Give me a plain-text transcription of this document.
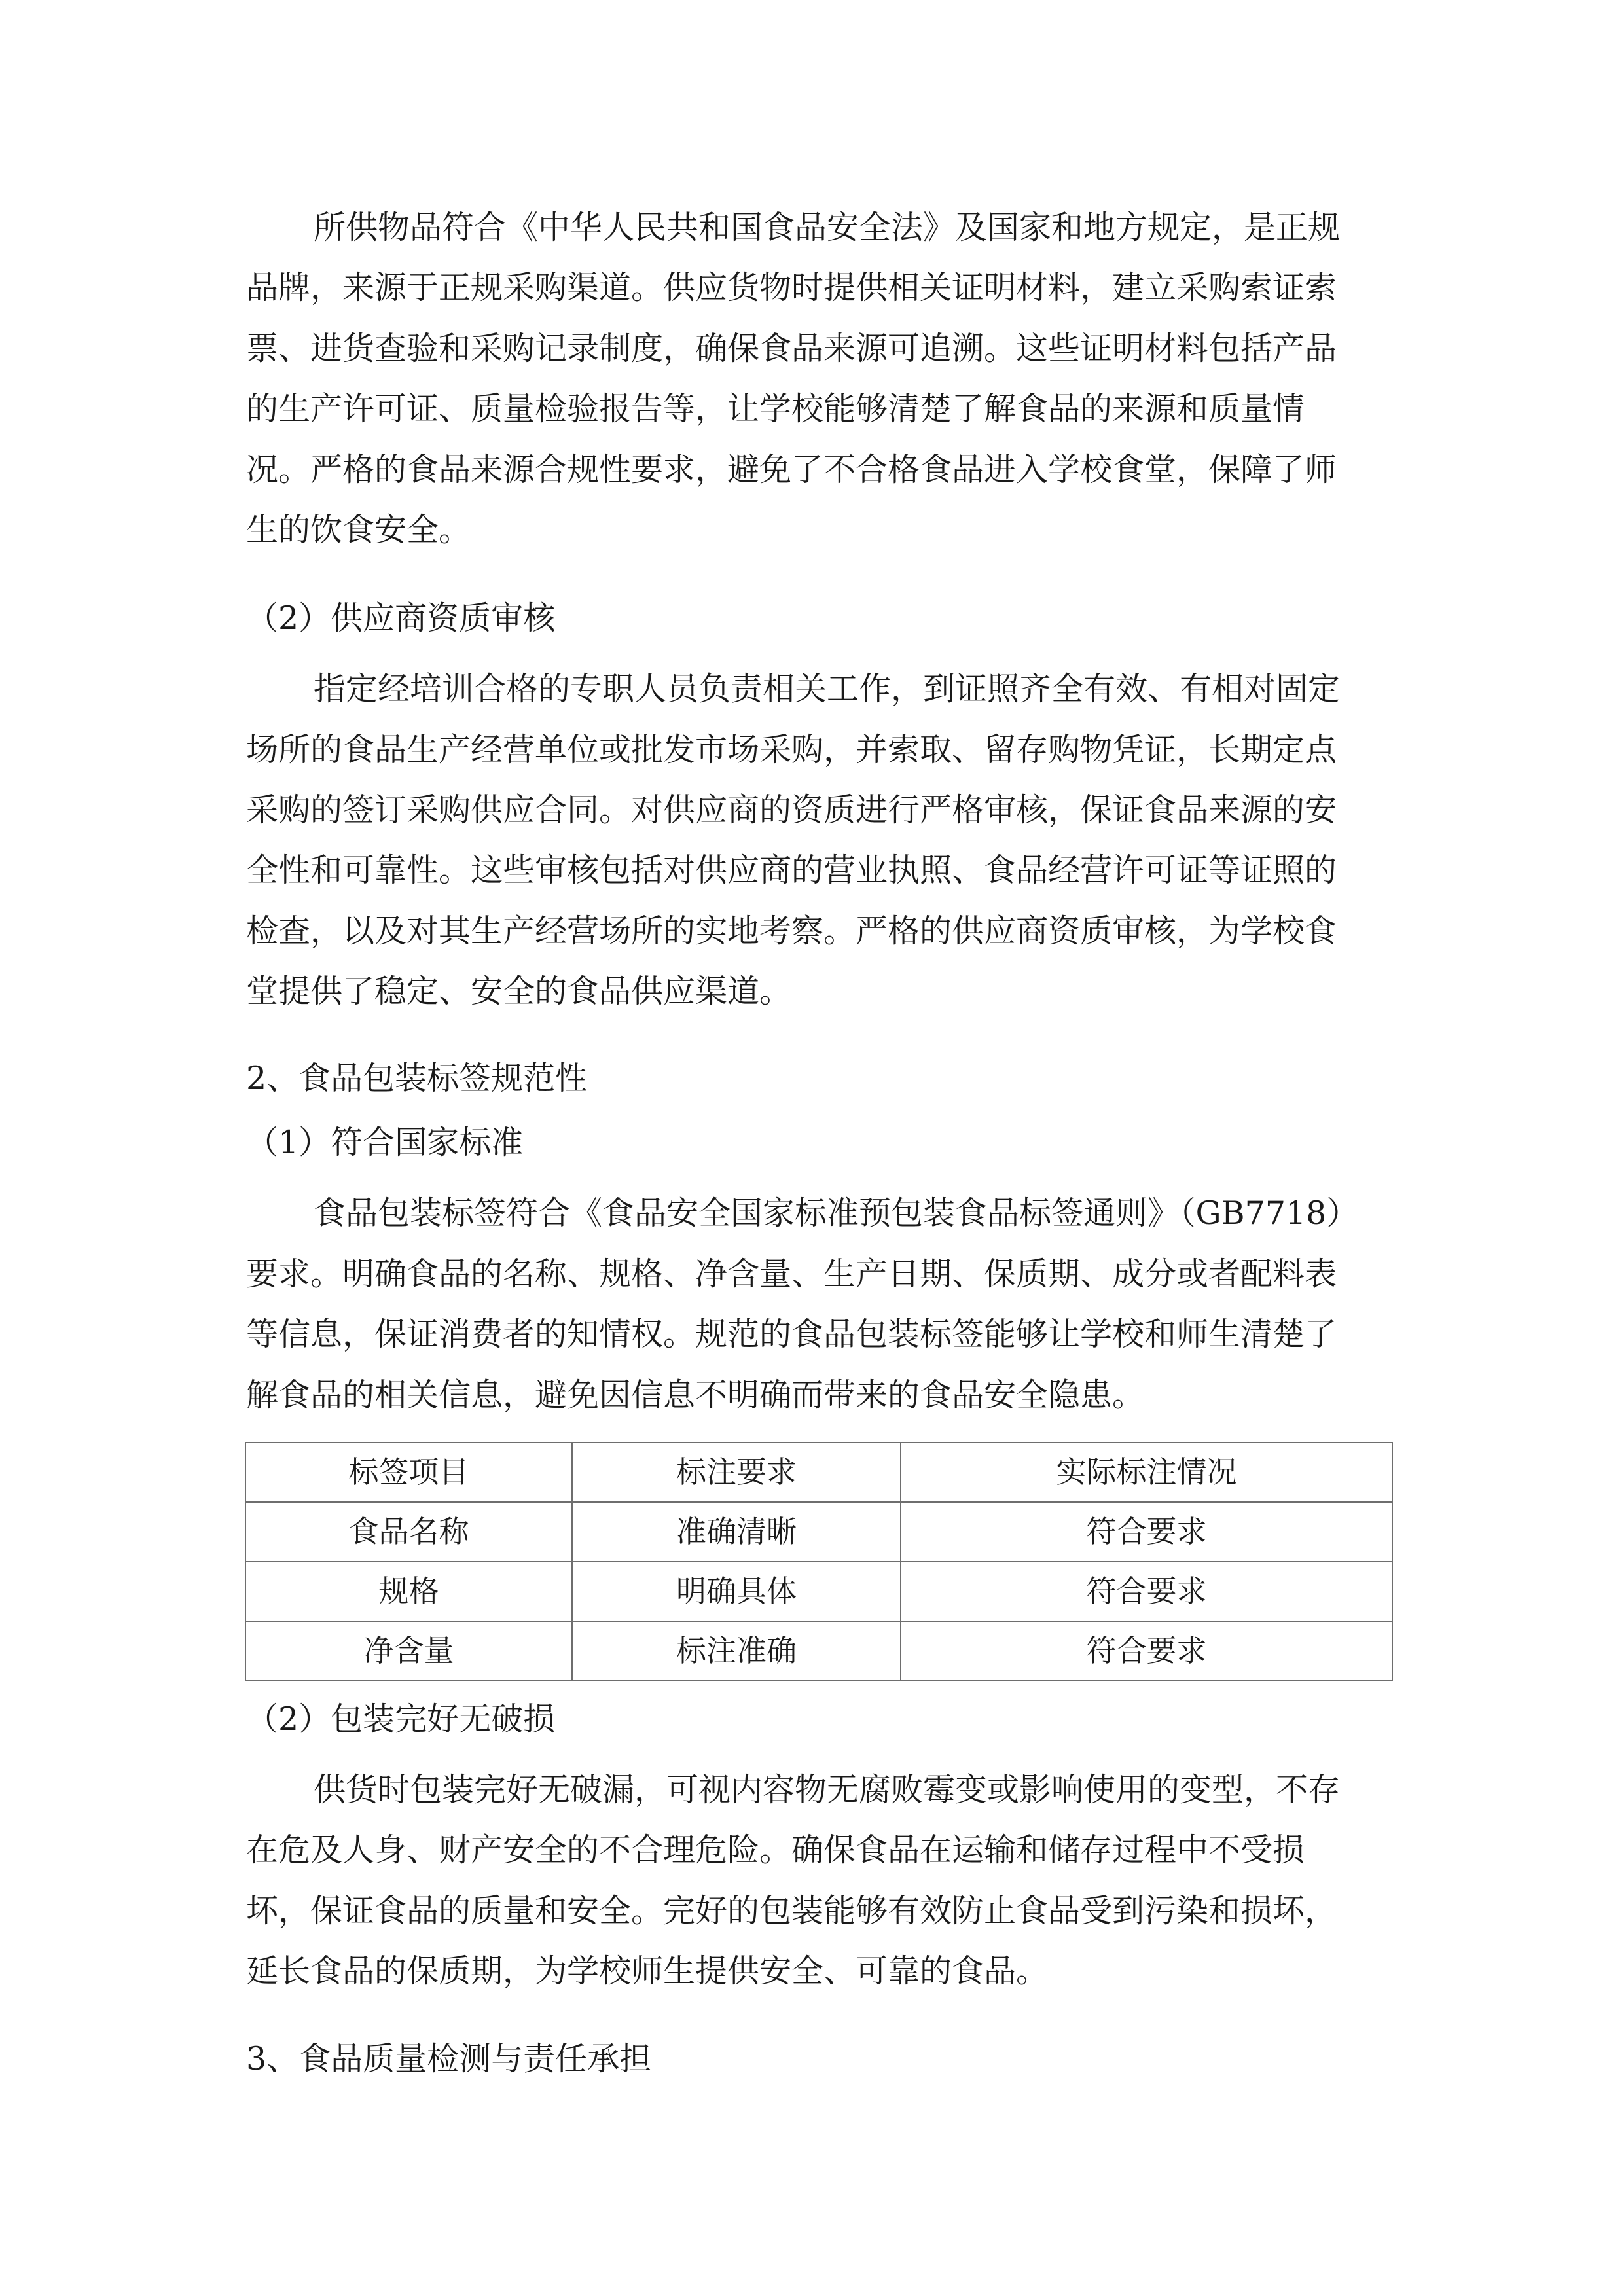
所供物品符合《中华人民共和国食品安全法》及国家和地方规定，是正规

品牌，来源于正规采购渠道。供应货物时提供相关证明材料，建立采购索证索

票、进货查验和采购记录制度，确保食品来源可追溯。这些证明材料包括产品

的生产许可证、质量检验报告等，让学校能够清楚了解食品的来源和质量情

况。严格的食品来源合规性要求，避免了不合格食品进入学校食堂，保障了师

生的饮食安全。

（2）供应商资质审核

指定经培训合格的专职人员负责相关工作，到证照齐全有效、有相对固定

场所的食品生产经营单位或批发市场采购，并索取、留存购物凭证，长期定点

采购的签订采购供应合同。对供应商的资质进行严格审核，保证食品来源的安

全性和可靠性。这些审核包括对供应商的营业执照、食品经营许可证等证照的

检查，以及对其生产经营场所的实地考察。严格的供应商资质审核，为学校食

堂提供了稳定、安全的食品供应渠道。

2、食品包装标签规范性

（1）符合国家标准

食品包装标签符合《食品安全国家标准预包装食品标签通则》（GB7718）

要求。明确食品的名称、规格、净含量、生产日期、保质期、成分或者配料表

等信息，保证消费者的知情权。规范的食品包装标签能够让学校和师生清楚了

解食品的相关信息，避免因信息不明确而带来的食品安全隐患。

标签项目	标注要求	实际标注情况
食品名称	准确清晰	符合要求
规格	明确具体	符合要求
净含量	标注准确	符合要求

（2）包装完好无破损

供货时包装完好无破漏，可视内容物无腐败霉变或影响使用的变型，不存

在危及人身、财产安全的不合理危险。确保食品在运输和储存过程中不受损

坏，保证食品的质量和安全。完好的包装能够有效防止食品受到污染和损坏，

延长食品的保质期，为学校师生提供安全、可靠的食品。

3、食品质量检测与责任承担
